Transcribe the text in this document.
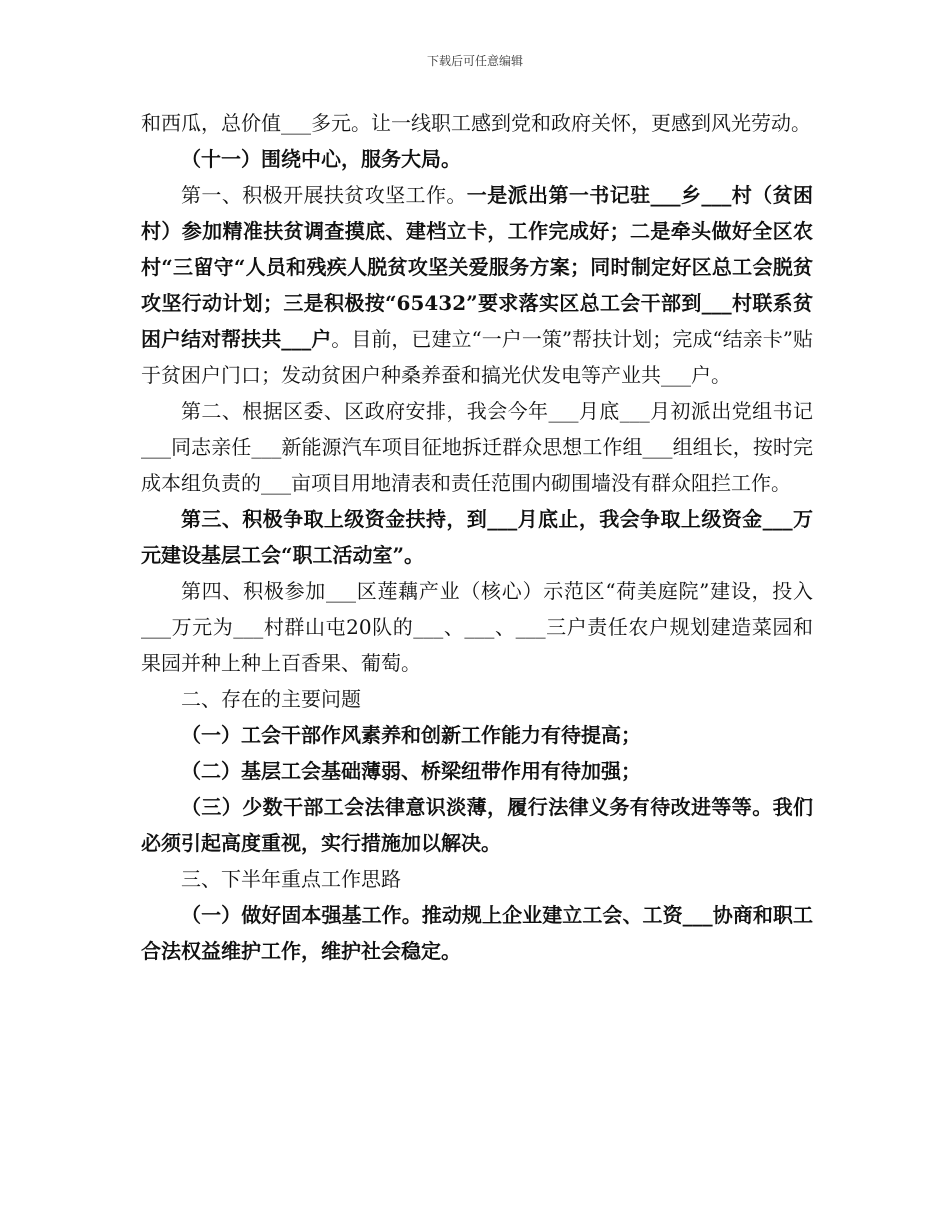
下载后可任意编辑

和西瓜，总价值___多元。让一线职工感到党和政府关怀，更感到风光劳动。

（十一）围绕中心，服务大局。

第一、积极开展扶贫攻坚工作。一是派出第一书记驻___乡___村（贫困村）参加精准扶贫调查摸底、建档立卡，工作完成好；二是牵头做好全区农村“三留守“人员和残疾人脱贫攻坚关爱服务方案；同时制定好区总工会脱贫攻坚行动计划；三是积极按“65432”要求落实区总工会干部到___村联系贫困户结对帮扶共___户。目前，已建立“一户一策”帮扶计划；完成“结亲卡”贴于贫困户门口；发动贫困户种桑养蚕和搞光伏发电等产业共___户。

第二、根据区委、区政府安排，我会今年___月底___月初派出党组书记___同志亲任___新能源汽车项目征地拆迁群众思想工作组___组组长，按时完成本组负责的___亩项目用地清表和责任范围内砌围墙没有群众阻拦工作。

第三、积极争取上级资金扶持，到___月底止，我会争取上级资金___万元建设基层工会“职工活动室”。

第四、积极参加___区莲藕产业（核心）示范区“荷美庭院”建设，投入___万元为___村群山屯20队的___、___、___三户责任农户规划建造菜园和果园并种上种上百香果、葡萄。

二、存在的主要问题

（一）工会干部作风素养和创新工作能力有待提高；

（二）基层工会基础薄弱、桥梁纽带作用有待加强；

（三）少数干部工会法律意识淡薄，履行法律义务有待改进等等。我们必须引起高度重视，实行措施加以解决。

三、下半年重点工作思路

（一）做好固本强基工作。推动规上企业建立工会、工资___协商和职工合法权益维护工作，维护社会稳定。
